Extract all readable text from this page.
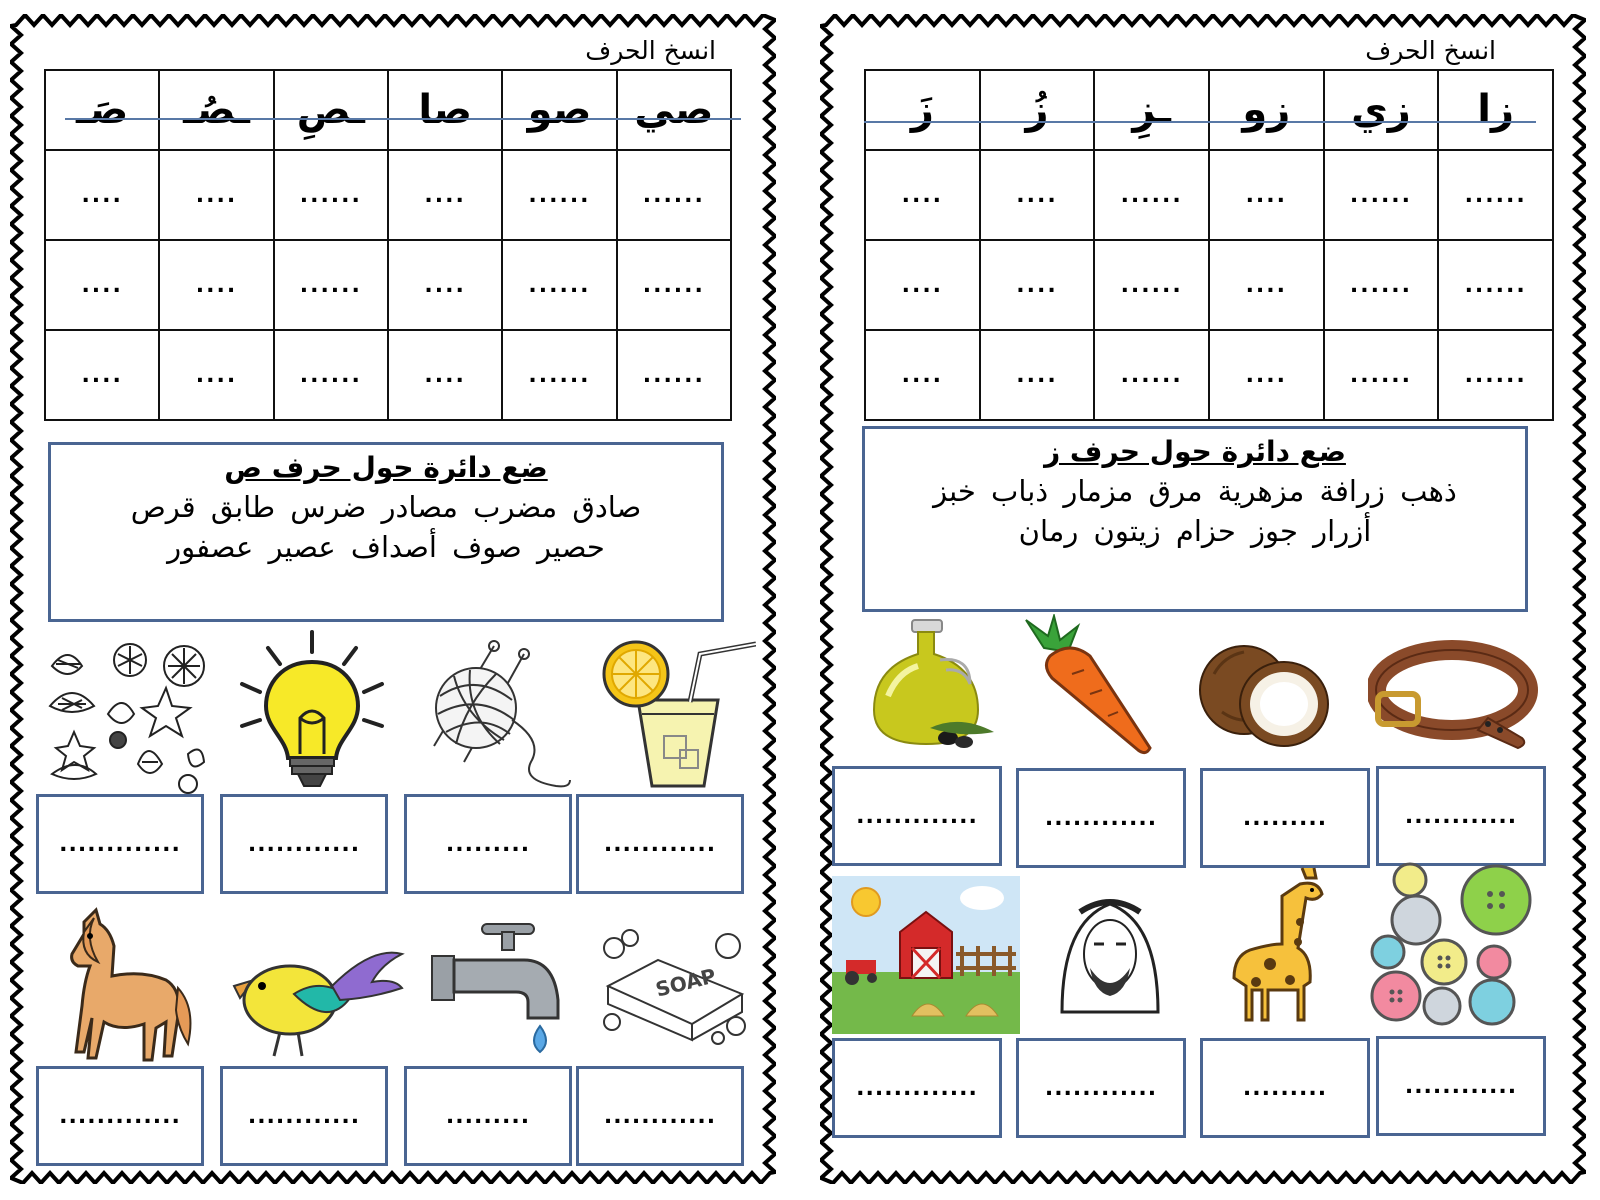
انسخ الحرف
صَـ	ـصُـ	ـصِ	صا	صو	صي
....	....	......	....	......	......
....	....	......	....	......	......
....	....	......	....	......	......
ضع دائرة حول حرف ص
صادق مضرب مصادر ضرس طابق قرص
حصير صوف أصداف عصير عصفور
.............	............	.........	............
SOAP
.............	............	.........	............
انسخ الحرف
زَ	زُ	ـزِ	زو	زي	زا
....	....	......	....	......	......
....	....	......	....	......	......
....	....	......	....	......	......
ضع دائرة حول حرف ز
ذهب زرافة مزهرية مرق مزمار ذباب خبز
أزرار جوز حزام زيتون رمان
.............	............	.........	............
.............	............	.........	............
